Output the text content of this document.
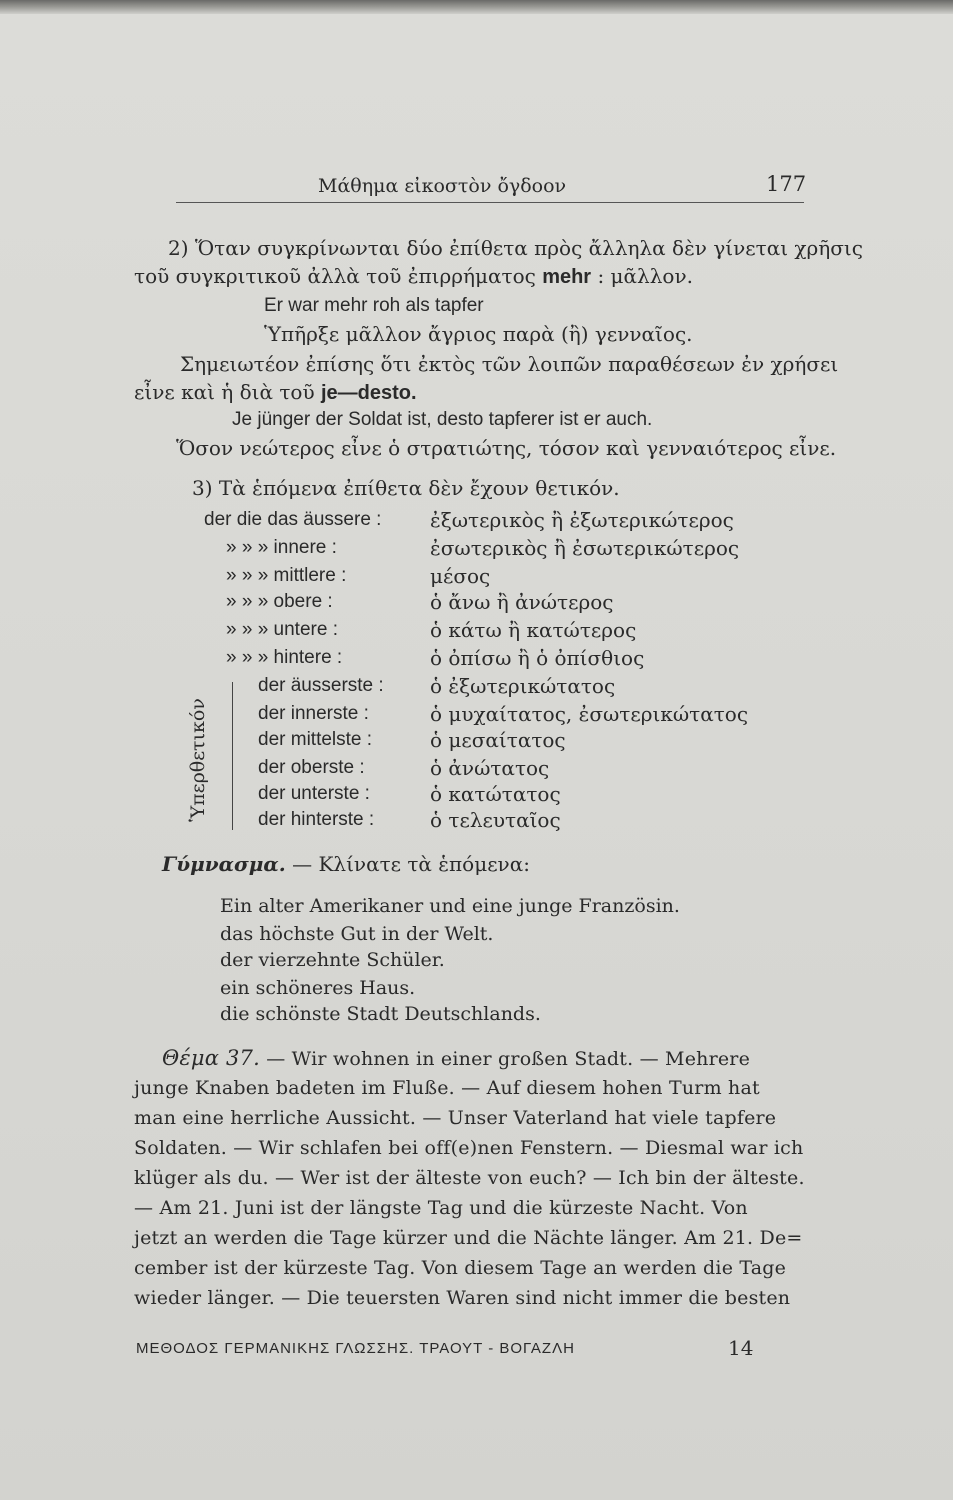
Μάθημα εἰκοστὸν ὄγδοον	177
2) Ὅταν συγκρίνωνται δύο ἐπίθετα πρὸς ἄλληλα δὲν γίνεται χρῆσις
τοῦ συγκριτικοῦ ἀλλὰ τοῦ ἐπιρρήματος mehr : μᾶλλον.
Er war mehr roh als tapfer
Ὑπῆρξε μᾶλλον ἄγριος παρὰ (ἢ) γενναῖος.
Σημειωτέον ἐπίσης ὅτι ἐκτὸς τῶν λοιπῶν παραθέσεων ἐν χρήσει
εἶνε καὶ ἡ διὰ τοῦ je—desto.
Je jünger der Soldat ist, desto tapferer ist er auch.
Ὅσον νεώτερος εἶνε ὁ στρατιώτης, τόσον καὶ γενναιότερος εἶνε.
3) Τὰ ἑπόμενα ἐπίθετα δὲν ἔχουν θετικόν.
der die das äussere : ἐξωτερικὸς ἢ ἐξωτερικώτερος
» » » innere :	ἐσωτερικὸς ἢ ἐσωτερικώτερος
» » » mittlere :	μέσος
» » » obere :	ὁ ἄνω ἢ ἀνώτερος
» » » untere :	ὁ κάτω ἢ κατώτερος
» » » hintere :	ὁ ὀπίσω ἢ ὁ ὀπίσθιος
Ὑπερθετικόν
der äusserste : ὁ ἐξωτερικώτατος
der innerste :	ὁ μυχαίτατος, ἐσωτερικώτατος
der mittelste :	ὁ μεσαίτατος
der oberste :	ὁ ἀνώτατος
der unterste :	ὁ κατώτατος
der hinterste :	ὁ τελευταῖος
Γύμνασμα. — Κλίνατε τὰ ἑπόμενα:
Ein alter Amerikaner und eine junge Französin.
das höchste Gut in der Welt.
der vierzehnte Schüler.
ein schöneres Haus.
die schönste Stadt Deutschlands.
Θέμα 37. — Wir wohnen in einer großen Stadt. — Mehrere
junge Knaben badeten im Fluße. — Auf diesem hohen Turm hat
man eine herrliche Aussicht. — Unser Vaterland hat viele tapfere
Soldaten. — Wir schlafen bei off(e)nen Fenstern. — Diesmal war ich
klüger als du. — Wer ist der älteste von euch? — Ich bin der älteste.
— Am 21. Juni ist der längste Tag und die kürzeste Nacht. Von
jetzt an werden die Tage kürzer und die Nächte länger. Am 21. De=
cember ist der kürzeste Tag. Von diesem Tage an werden die Tage
wieder länger. — Die teuersten Waren sind nicht immer die besten
ΜΕΘΟΔΟΣ ΓΕΡΜΑΝΙΚΗΣ ΓΛΩΣΣΗΣ. ΤΡΑΟΥΤ - ΒΟΓΑΖΛΗ	14
